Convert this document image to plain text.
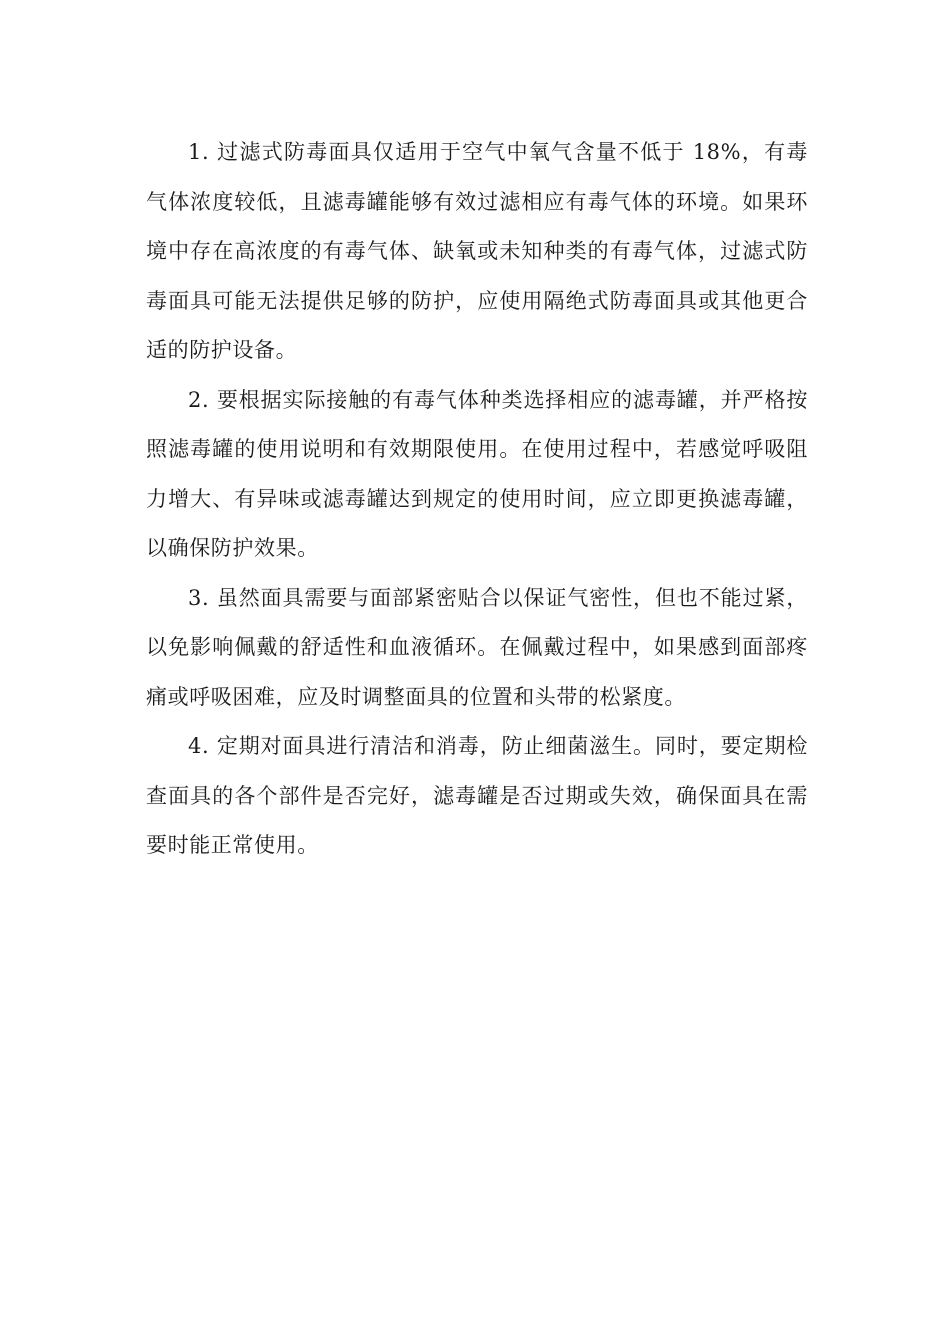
1. 过滤式防毒面具仅适用于空气中氧气含量不低于 18%，有毒气体浓度较低，且滤毒罐能够有效过滤相应有毒气体的环境。如果环境中存在高浓度的有毒气体、缺氧或未知种类的有毒气体，过滤式防毒面具可能无法提供足够的防护，应使用隔绝式防毒面具或其他更合适的防护设备。

2. 要根据实际接触的有毒气体种类选择相应的滤毒罐，并严格按照滤毒罐的使用说明和有效期限使用。在使用过程中，若感觉呼吸阻力增大、有异味或滤毒罐达到规定的使用时间，应立即更换滤毒罐，以确保防护效果。

3. 虽然面具需要与面部紧密贴合以保证气密性，但也不能过紧，以免影响佩戴的舒适性和血液循环。在佩戴过程中，如果感到面部疼痛或呼吸困难，应及时调整面具的位置和头带的松紧度。

4. 定期对面具进行清洁和消毒，防止细菌滋生。同时，要定期检查面具的各个部件是否完好，滤毒罐是否过期或失效，确保面具在需要时能正常使用。
